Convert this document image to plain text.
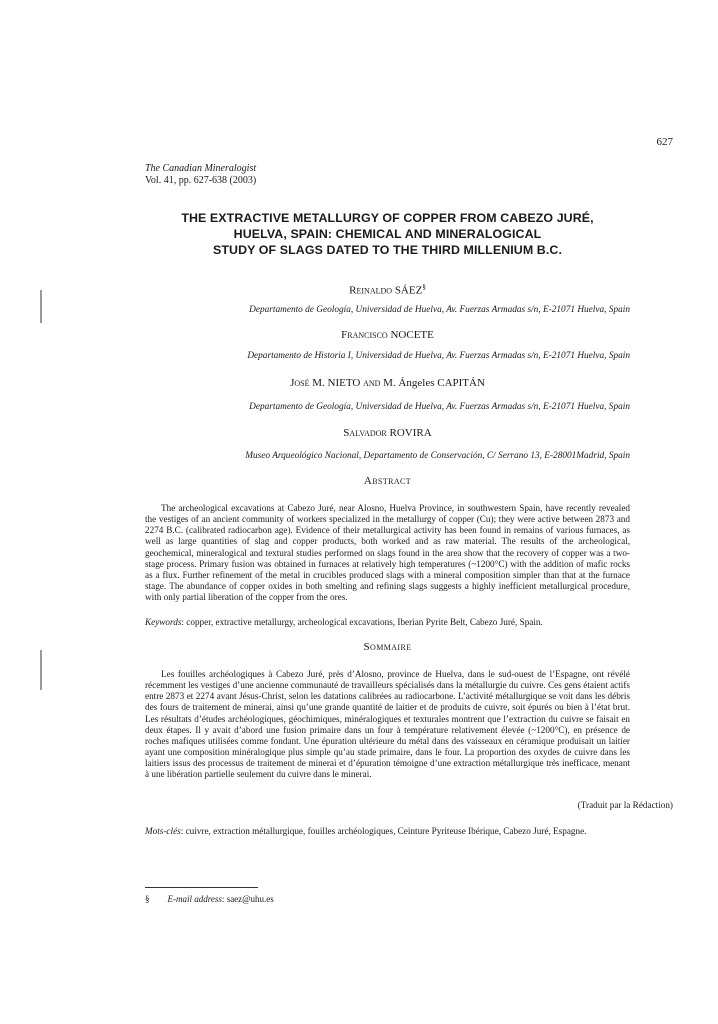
627
The Canadian Mineralogist
Vol. 41, pp. 627-638 (2003)
THE EXTRACTIVE METALLURGY OF COPPER FROM CABEZO JURÉ,
HUELVA, SPAIN: CHEMICAL AND MINERALOGICAL
STUDY OF SLAGS DATED TO THE THIRD MILLENIUM B.C.
Reinaldo SÁEZ§
Departamento de Geología, Universidad de Huelva, Av. Fuerzas Armadas s/n, E-21071 Huelva, Spain
Francisco NOCETE
Departamento de Historia I, Universidad de Huelva, Av. Fuerzas Armadas s/n, E-21071 Huelva, Spain
José M. NIETO and M. Ángeles CAPITÁN
Departamento de Geología, Universidad de Huelva, Av. Fuerzas Armadas s/n, E-21071 Huelva, Spain
Salvador ROVIRA
Museo Arqueológico Nacional, Departamento de Conservación, C/ Serrano 13, E-28001Madrid, Spain
Abstract
The archeological excavations at Cabezo Juré, near Alosno, Huelva Province, in southwestern Spain, have recently revealed the vestiges of an ancient community of workers specialized in the metallurgy of copper (Cu); they were active between 2873 and 2274 B.C. (calibrated radiocarbon age). Evidence of their metallurgical activity has been found in remains of various furnaces, as well as large quantities of slag and copper products, both worked and as raw material. The results of the archeological, geochemical, mineralogical and textural studies performed on slags found in the area show that the recovery of copper was a two-stage process. Primary fusion was obtained in furnaces at relatively high temperatures (~1200°C) with the addition of mafic rocks as a flux. Further refinement of the metal in crucibles produced slags with a mineral composition simpler than that at the furnace stage. The abundance of copper oxides in both smelting and refining slags suggests a highly inefficient metallurgical procedure, with only partial liberation of the copper from the ores.
Keywords: copper, extractive metallurgy, archeological excavations, Iberian Pyrite Belt, Cabezo Juré, Spain.
Sommaire
Les fouilles archéologiques à Cabezo Juré, près d’Alosno, province de Huelva, dans le sud-ouest de l’Espagne, ont révélé récemment les vestiges d’une ancienne communauté de travailleurs spécialisés dans la métallurgie du cuivre. Ces gens étaient actifs entre 2873 et 2274 avant Jésus-Christ, selon les datations calibrées au radiocarbone. L’activité métallurgique se voit dans les débris des fours de traitement de minerai, ainsi qu’une grande quantité de laitier et de produits de cuivre, soit épurés ou bien à l’état brut. Les résultats d’études archéologiques, géochimiques, minéralogiques et texturales montrent que l’extraction du cuivre se faisait en deux étapes. Il y avait d’abord une fusion primaire dans un four à température relativement élevée (~1200°C), en présence de roches mafiques utilisées comme fondant. Une épuration ultérieure du métal dans des vaisseaux en céramique produisait un laitier ayant une composition minéralogique plus simple qu’au stade primaire, dans le four. La proportion des oxydes de cuivre dans les laitiers issus des processus de traitement de minerai et d’épuration témoigne d’une extraction métallurgique très inefficace, menant à une libération partielle seulement du cuivre dans le minerai.
(Traduit par la Rédaction)
Mots-clés: cuivre, extraction métallurgique, fouilles archéologiques, Ceinture Pyriteuse Ibérique, Cabezo Juré, Espagne.
§ E-mail address: saez@uhu.es
